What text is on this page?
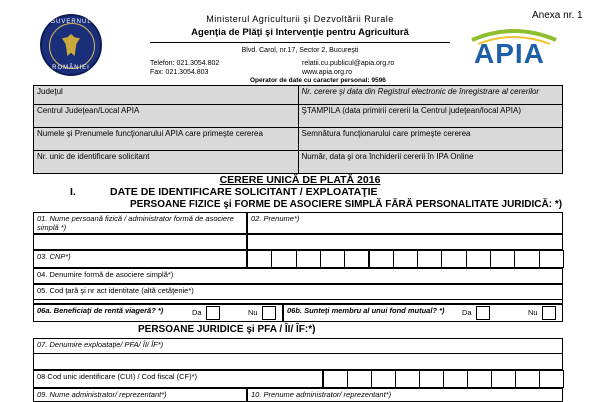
GUVERNUL
ROMÂNIEI
Ministerul Agriculturii şi Dezvoltării Rurale
Agenţia de Plăţi şi Intervenţie pentru Agricultură
Blvd. Carol, nr.17, Sector 2, Bucureşti
Telefon: 021.3054.802
Fax: 021.3054.803
relatii.cu.publicul@apia.org.ro
www.apia.org.ro
Anexa nr. 1
APIA
Operator de date cu caracter personal: 9596
Judeţul	Nr. cerere şi data din Registrul electronic de înregistrare al cererilor
Centrul Judeţean/Local APIA	ŞTAMPILA (data primirii cererii la Centrul judeţean/local APIA)
Numele şi Prenumele funcţionarului APIA care primeşte cererea	Semnătura funcţionarului care primeşte cererea
Nr. unic de identificare solicitant	Număr, data şi ora închiderii cererii în IPA Online
CERERE UNICĂ DE PLATĂ 2016
I.	DATE DE IDENTIFICARE SOLICITANT / EXPLOATAŢIE
PERSOANE FIZICE şi FORME DE ASOCIERE SIMPLĂ FĂRĂ PERSONALITATE JURIDICĂ: *)
01. Nume persoană fizică / administrator formă de asociere simplă *)
02. Prenume*)
03. CNP*)
04. Denumire formă de asociere simplă*)
05. Cod ţară şi nr act identitate (altă cetăţenie*)
06a. Beneficiaţi de rentă viageră? *)	Da	Nu	06b. Sunteţi membru al unui fond mutual? *)	Da	Nu
PERSOANE JURIDICE şi PFA / ÎI/ ÎF:*)
07. Denumire exploataţie/ PFA/ ÎI/ ÎF*)
08 Cod unic identificare (CUI) / Cod fiscal (CF)*)
09. Nume administrator/ reprezentant*)	10. Prenume administrator/ reprezentant*)
